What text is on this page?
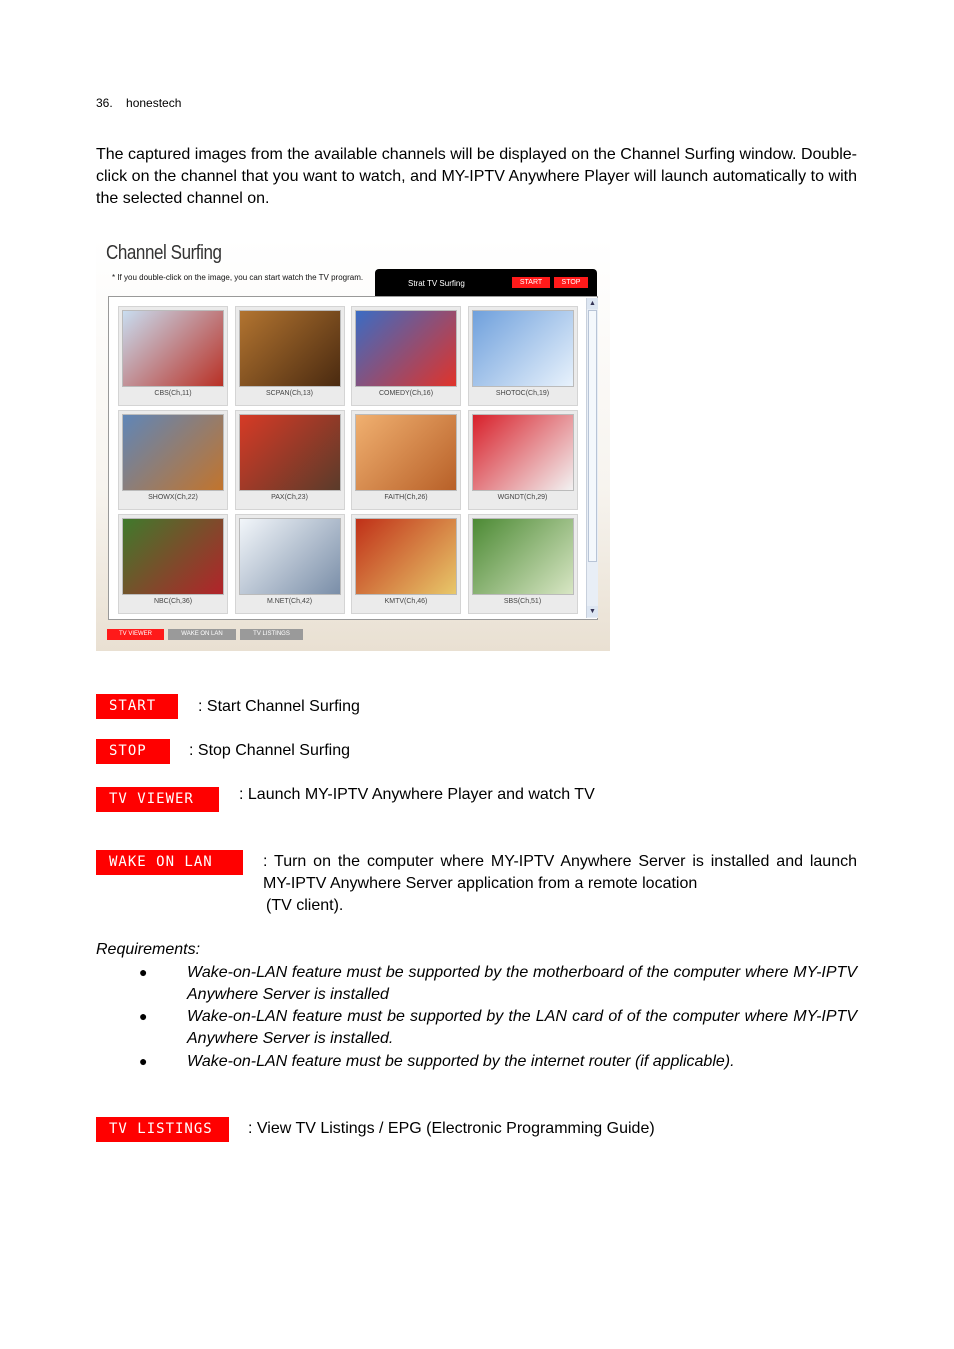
36. honestech

The captured images from the available channels will be displayed on the Channel Surfing window. Double-click on the channel that you want to watch, and MY-IPTV Anywhere Player will launch automatically to with the selected channel on.

Channel Surfing
* If you double-click on the image, you can start watch the TV program.
Strat TV Surfing	START	STOP
CBS(Ch,11)	SCPAN(Ch,13)	COMEDY(Ch,16)	SHOTOC(Ch,19)
SHOWX(Ch,22)	PAX(Ch,23)	FAITH(Ch,26)	WGNDT(Ch,29)
NBC(Ch,36)	M.NET(Ch,42)	KMTV(Ch,46)	SBS(Ch,51)
▲
▼
TV VIEWER	WAKE ON LAN	TV LISTINGS
START	: Start Channel Surfing
STOP	: Stop Channel Surfing
TV VIEWER	: Launch MY-IPTV Anywhere Player and watch TV
WAKE ON LAN	: Turn on the computer where MY-IPTV Anywhere Server is installed and launch MY-IPTV Anywhere Server application from a remote location
(TV client).
Requirements:
● Wake-on-LAN feature must be supported by the motherboard of the computer where MY-IPTV Anywhere Server is installed
● Wake-on-LAN feature must be supported by the LAN card of of the computer where MY-IPTV Anywhere Server is installed.
● Wake-on-LAN feature must be supported by the internet router (if applicable).
TV LISTINGS	: View TV Listings / EPG (Electronic Programming Guide)
